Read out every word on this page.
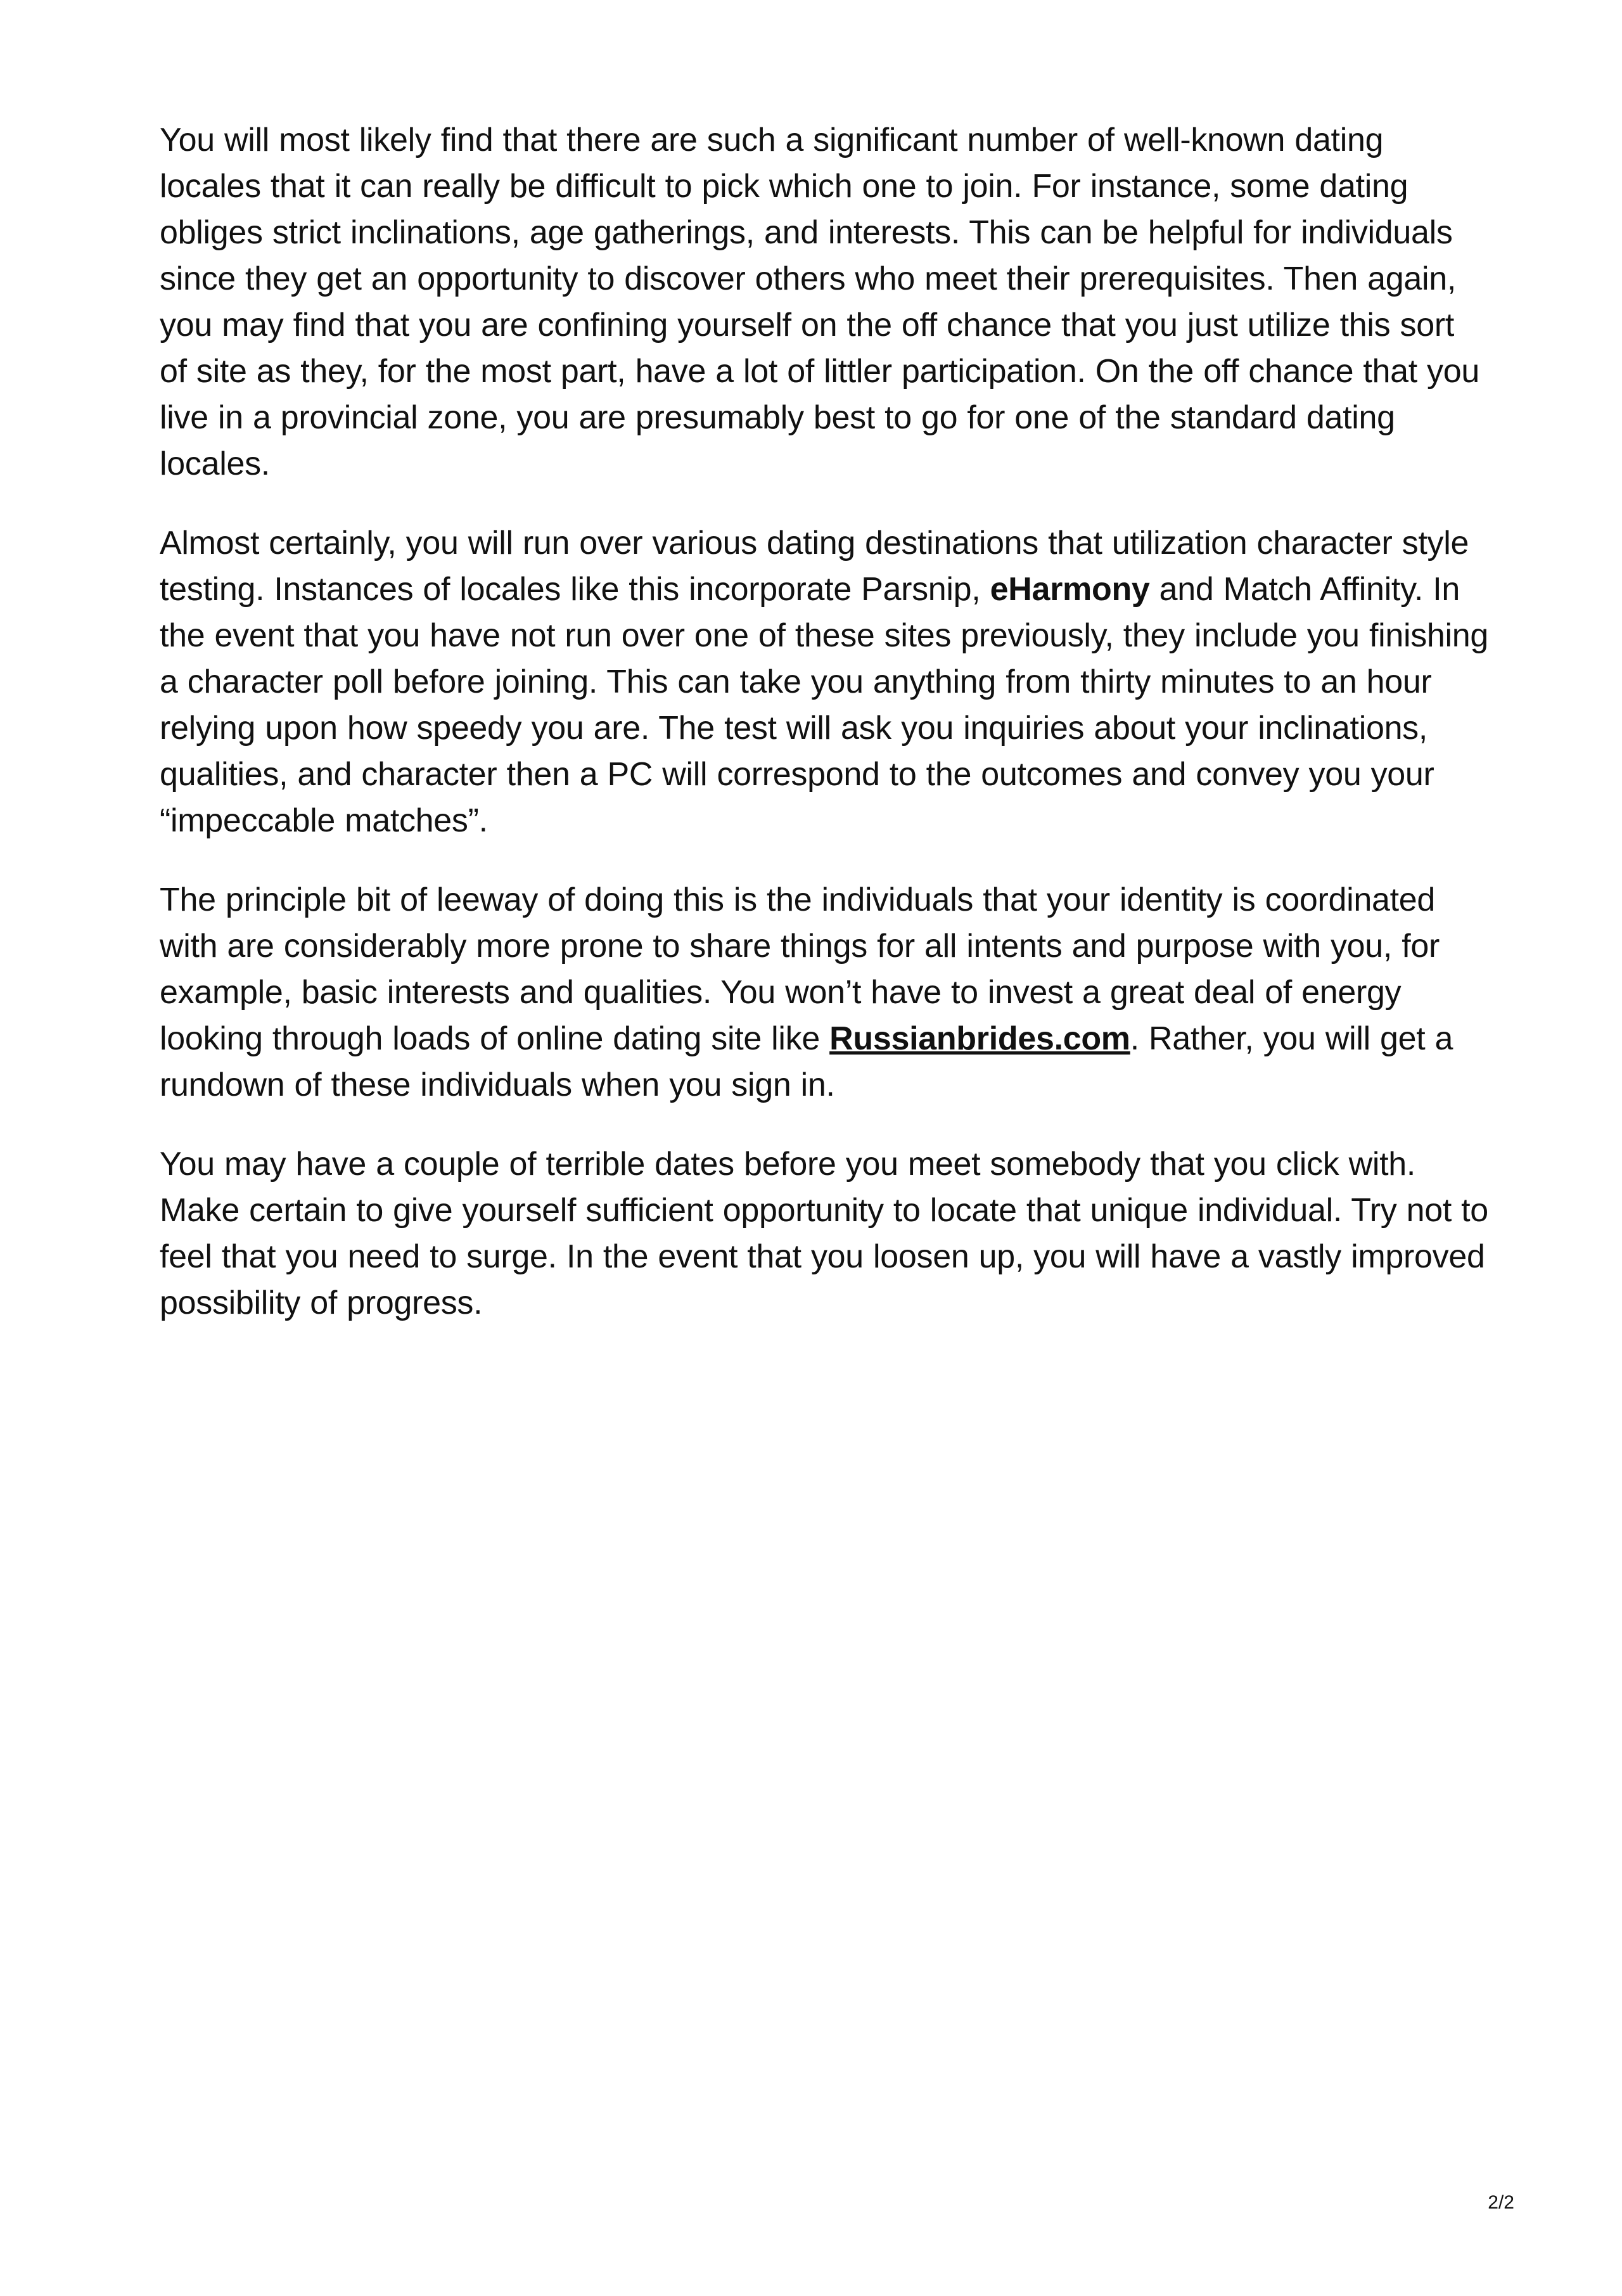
You will most likely find that there are such a significant number of well-known dating locales that it can really be difficult to pick which one to join. For instance, some dating obliges strict inclinations, age gatherings, and interests. This can be helpful for individuals since they get an opportunity to discover others who meet their prerequisites. Then again, you may find that you are confining yourself on the off chance that you just utilize this sort of site as they, for the most part, have a lot of littler participation. On the off chance that you live in a provincial zone, you are presumably best to go for one of the standard dating locales.

Almost certainly, you will run over various dating destinations that utilization character style testing. Instances of locales like this incorporate Parsnip, eHarmony and Match Affinity. In the event that you have not run over one of these sites previously, they include you finishing a character poll before joining. This can take you anything from thirty minutes to an hour relying upon how speedy you are. The test will ask you inquiries about your inclinations, qualities, and character then a PC will correspond to the outcomes and convey you your “impeccable matches”.

The principle bit of leeway of doing this is the individuals that your identity is coordinated with are considerably more prone to share things for all intents and purpose with you, for example, basic interests and qualities. You won’t have to invest a great deal of energy looking through loads of online dating site like Russianbrides.com. Rather, you will get a rundown of these individuals when you sign in.

You may have a couple of terrible dates before you meet somebody that you click with. Make certain to give yourself sufficient opportunity to locate that unique individual. Try not to feel that you need to surge. In the event that you loosen up, you will have a vastly improved possibility of progress.

2/2
